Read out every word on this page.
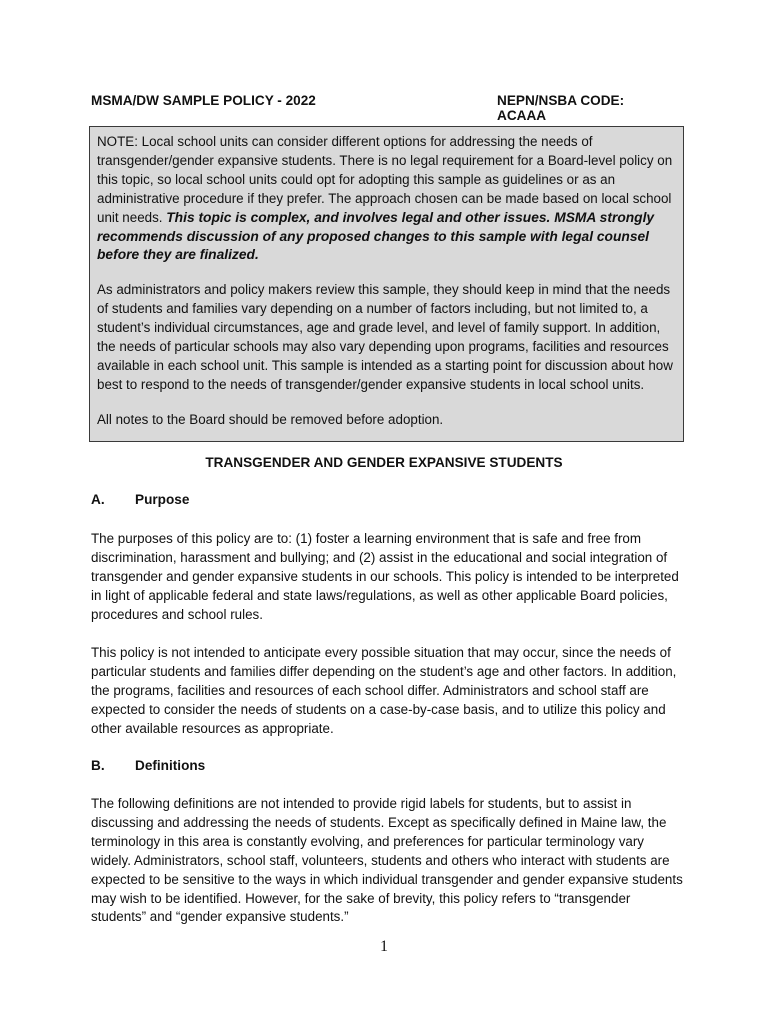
MSMA/DW SAMPLE POLICY - 2022	NEPN/NSBA CODE: ACAAA

NOTE: Local school units can consider different options for addressing the needs of transgender/gender expansive students. There is no legal requirement for a Board-level policy on this topic, so local school units could opt for adopting this sample as guidelines or as an administrative procedure if they prefer. The approach chosen can be made based on local school unit needs. This topic is complex, and involves legal and other issues. MSMA strongly recommends discussion of any proposed changes to this sample with legal counsel before they are finalized.

As administrators and policy makers review this sample, they should keep in mind that the needs of students and families vary depending on a number of factors including, but not limited to, a student’s individual circumstances, age and grade level, and level of family support. In addition, the needs of particular schools may also vary depending upon programs, facilities and resources available in each school unit. This sample is intended as a starting point for discussion about how best to respond to the needs of transgender/gender expansive students in local school units.

All notes to the Board should be removed before adoption.

TRANSGENDER AND GENDER EXPANSIVE STUDENTS
A. Purpose

The purposes of this policy are to: (1) foster a learning environment that is safe and free from discrimination, harassment and bullying; and (2) assist in the educational and social integration of transgender and gender expansive students in our schools. This policy is intended to be interpreted in light of applicable federal and state laws/regulations, as well as other applicable Board policies, procedures and school rules.

This policy is not intended to anticipate every possible situation that may occur, since the needs of particular students and families differ depending on the student’s age and other factors. In addition, the programs, facilities and resources of each school differ. Administrators and school staff are expected to consider the needs of students on a case-by-case basis, and to utilize this policy and other available resources as appropriate.

B. Definitions

The following definitions are not intended to provide rigid labels for students, but to assist in discussing and addressing the needs of students. Except as specifically defined in Maine law, the terminology in this area is constantly evolving, and preferences for particular terminology vary widely. Administrators, school staff, volunteers, students and others who interact with students are expected to be sensitive to the ways in which individual transgender and gender expansive students may wish to be identified. However, for the sake of brevity, this policy refers to “transgender students” and “gender expansive students.”

1
